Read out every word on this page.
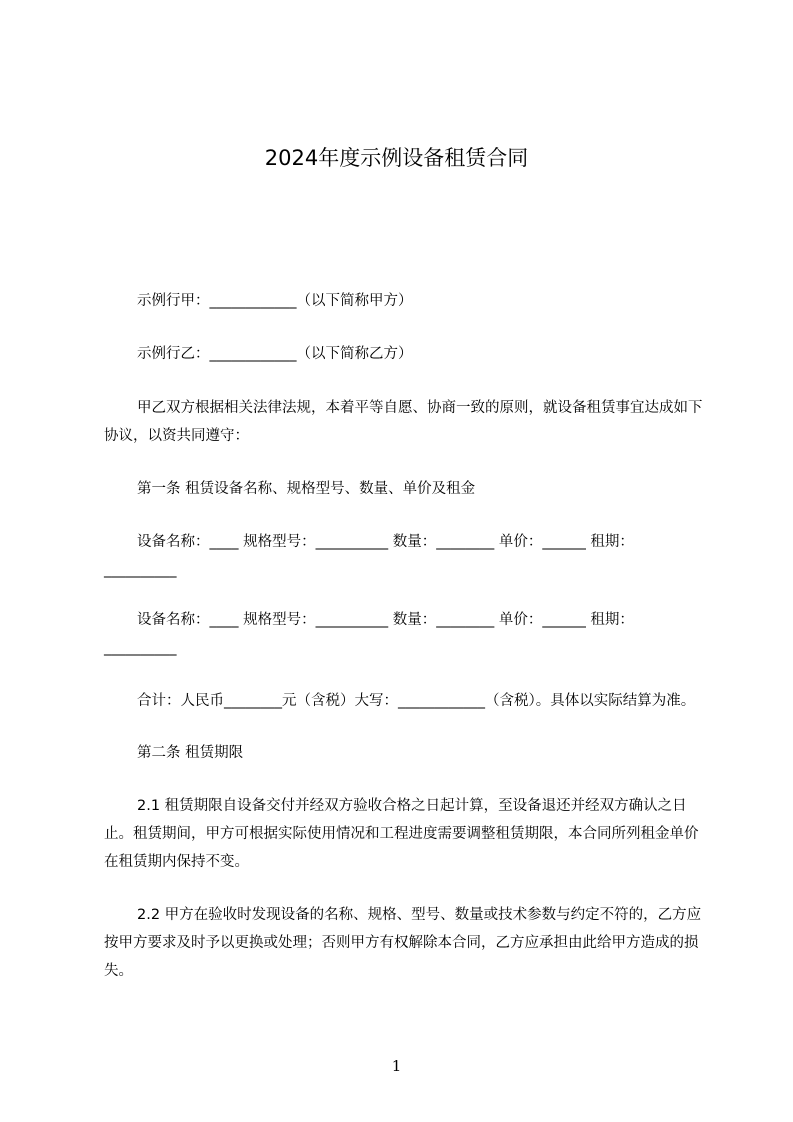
2024年度示例设备租赁合同

示例行甲：____________（以下简称甲方）

示例行乙：____________（以下简称乙方）

甲乙双方根据相关法律法规，本着平等自愿、协商一致的原则，就设备租赁事宜达成如下协议，以资共同遵守：

第一条 租赁设备名称、规格型号、数量、单价及租金

设备名称：____ 规格型号：__________ 数量：________ 单价：______ 租期：__________

设备名称：____ 规格型号：__________ 数量：________ 单价：______ 租期：__________

合计：人民币________元（含税）大写：____________（含税）。具体以实际结算为准。

第二条 租赁期限

2.1 租赁期限自设备交付并经双方验收合格之日起计算，至设备退还并经双方确认之日止。租赁期间，甲方可根据实际使用情况和工程进度需要调整租赁期限，本合同所列租金单价在租赁期内保持不变。

2.2 甲方在验收时发现设备的名称、规格、型号、数量或技术参数与约定不符的，乙方应按甲方要求及时予以更换或处理；否则甲方有权解除本合同，乙方应承担由此给甲方造成的损失。

1
